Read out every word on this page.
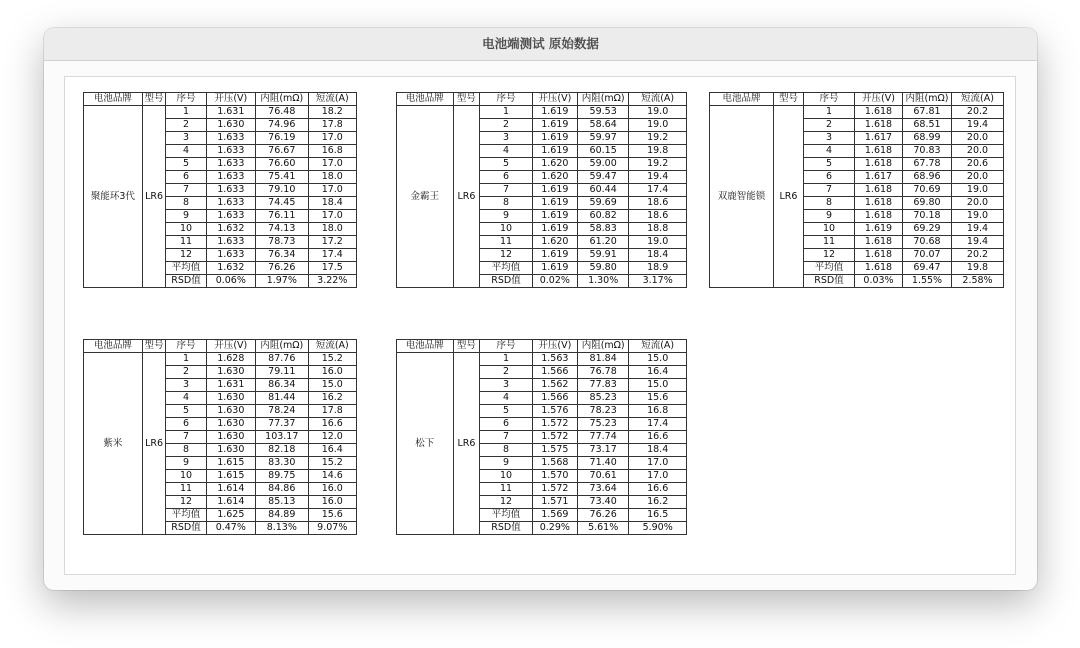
电池端测试 原始数据
电池品牌	型号	序号	开压(V)	内阻(mΩ)	短流(A)
聚能环3代	LR6	1	1.631	76.48	18.2
		2	1.630	74.96	17.8
		3	1.633	76.19	17.0
		4	1.633	76.67	16.8
		5	1.633	76.60	17.0
		6	1.633	75.41	18.0
		7	1.633	79.10	17.0
		8	1.633	74.45	18.4
		9	1.633	76.11	17.0
		10	1.632	74.13	18.0
		11	1.633	78.73	17.2
		12	1.633	76.34	17.4
		平均值	1.632	76.26	17.5
		RSD值	0.06%	1.97%	3.22%
电池品牌	型号	序号	开压(V)	内阻(mΩ)	短流(A)
金霸王	LR6	1	1.619	59.53	19.0
		2	1.619	58.64	19.0
		3	1.619	59.97	19.2
		4	1.619	60.15	19.8
		5	1.620	59.00	19.2
		6	1.620	59.47	19.4
		7	1.619	60.44	17.4
		8	1.619	59.69	18.6
		9	1.619	60.82	18.6
		10	1.619	58.83	18.8
		11	1.620	61.20	19.0
		12	1.619	59.91	18.4
		平均值	1.619	59.80	18.9
		RSD值	0.02%	1.30%	3.17%
电池品牌	型号	序号	开压(V)	内阻(mΩ)	短流(A)
双鹿智能锁	LR6	1	1.618	67.81	20.2
		2	1.618	68.51	19.4
		3	1.617	68.99	20.0
		4	1.618	70.83	20.0
		5	1.618	67.78	20.6
		6	1.617	68.96	20.0
		7	1.618	70.69	19.0
		8	1.618	69.80	20.0
		9	1.618	70.18	19.0
		10	1.619	69.29	19.4
		11	1.618	70.68	19.4
		12	1.618	70.07	20.2
		平均值	1.618	69.47	19.8
		RSD值	0.03%	1.55%	2.58%
电池品牌	型号	序号	开压(V)	内阻(mΩ)	短流(A)
紫米	LR6	1	1.628	87.76	15.2
		2	1.630	79.11	16.0
		3	1.631	86.34	15.0
		4	1.630	81.44	16.2
		5	1.630	78.24	17.8
		6	1.630	77.37	16.6
		7	1.630	103.17	12.0
		8	1.630	82.18	16.4
		9	1.615	83.30	15.2
		10	1.615	89.75	14.6
		11	1.614	84.86	16.0
		12	1.614	85.13	16.0
		平均值	1.625	84.89	15.6
		RSD值	0.47%	8.13%	9.07%
电池品牌	型号	序号	开压(V)	内阻(mΩ)	短流(A)
松下	LR6	1	1.563	81.84	15.0
		2	1.566	76.78	16.4
		3	1.562	77.83	15.0
		4	1.566	85.23	15.6
		5	1.576	78.23	16.8
		6	1.572	75.23	17.4
		7	1.572	77.74	16.6
		8	1.575	73.17	18.4
		9	1.568	71.40	17.0
		10	1.570	70.61	17.0
		11	1.572	73.64	16.6
		12	1.571	73.40	16.2
		平均值	1.569	76.26	16.5
		RSD值	0.29%	5.61%	5.90%
